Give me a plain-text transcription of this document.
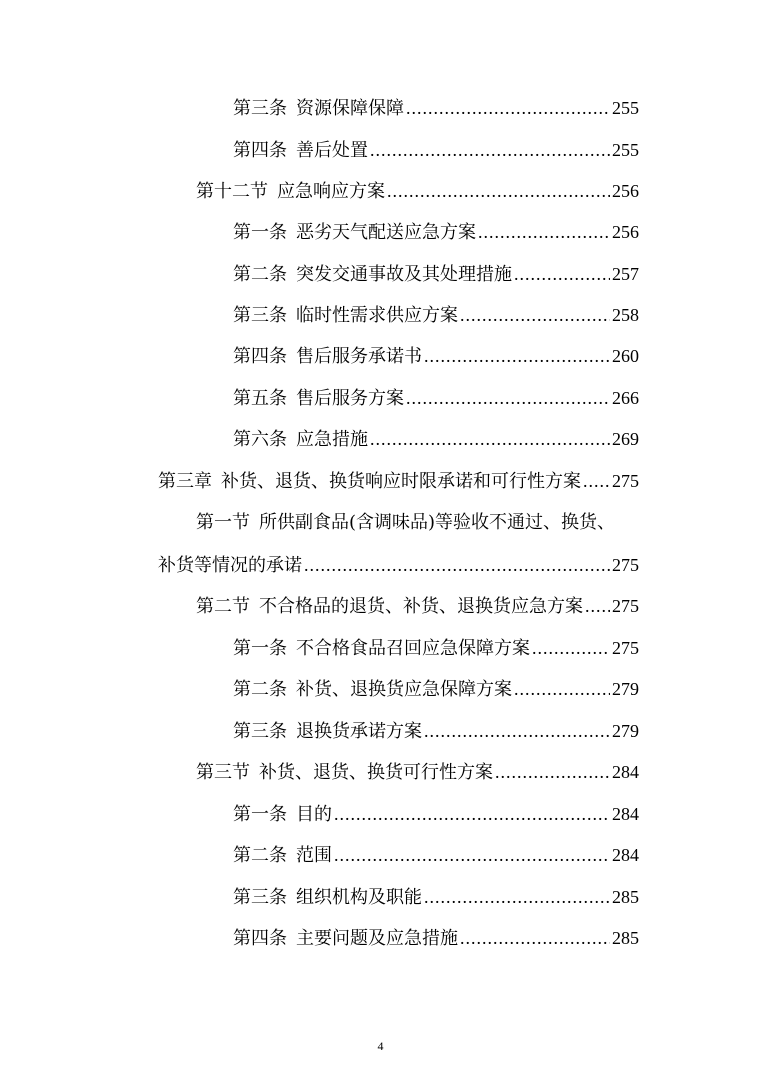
第三条 资源保障保障 .....	255
第四条 善后处置 .....	255
第十二节 应急响应方案 .....	256
第一条 恶劣天气配送应急方案 .....	256
第二条 突发交通事故及其处理措施 .....	257
第三条 临时性需求供应方案 .....	258
第四条 售后服务承诺书 .....	260
第五条 售后服务方案 .....	266
第六条 应急措施 .....	269
第三章 补货、退货、换货响应时限承诺和可行性方案 ..... 275
第一节 所供副食品(含调味品)等验收不通过、换货、
补货等情况的承诺 .....	275
第二节 不合格品的退货、补货、退换货应急方案 ..... 275
第一条 不合格食品召回应急保障方案 .....	275
第二条 补货、退换货应急保障方案 .....	279
第三条 退换货承诺方案 .....	279
第三节 补货、退货、换货可行性方案 .....	284
第一条 目的 .....	284
第二条 范围 .....	284
第三条 组织机构及职能 .....	285
第四条 主要问题及应急措施 .....	285
4
